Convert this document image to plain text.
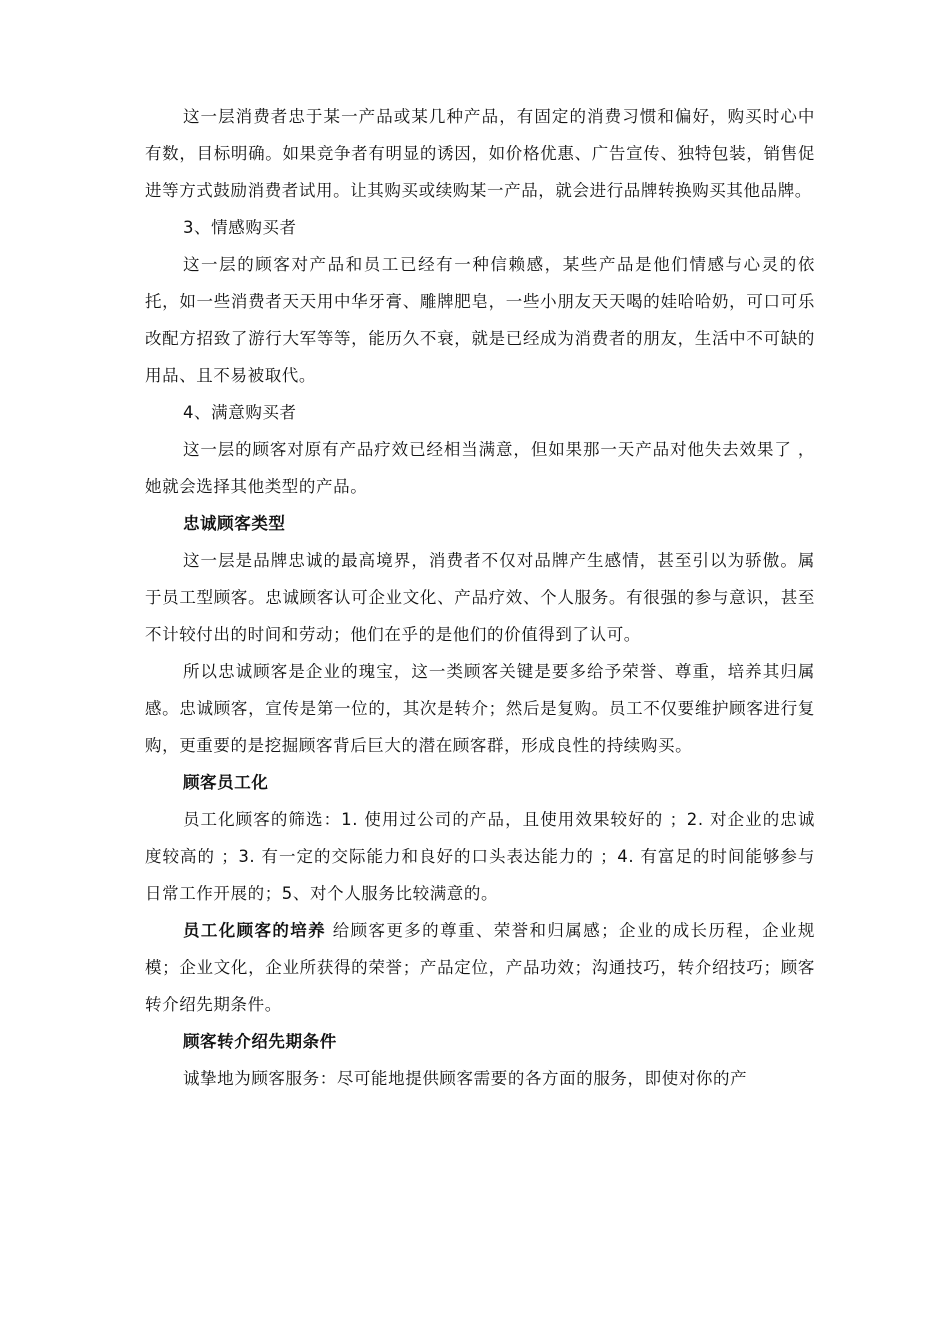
这一层消费者忠于某一产品或某几种产品，有固定的消费习惯和偏好，购买时心中有数，目标明确。如果竞争者有明显的诱因，如价格优惠、广告宣传、独特包装，销售促进等方式鼓励消费者试用。让其购买或续购某一产品，就会进行品牌转换购买其他品牌。

3、情感购买者

这一层的顾客对产品和员工已经有一种信赖感，某些产品是他们情感与心灵的依托，如一些消费者天天用中华牙膏、雕牌肥皂，一些小朋友天天喝的娃哈哈奶，可口可乐改配方招致了游行大军等等，能历久不衰，就是已经成为消费者的朋友，生活中不可缺的用品、且不易被取代。

4、满意购买者

这一层的顾客对原有产品疗效已经相当满意，但如果那一天产品对他失去效果了 ，她就会选择其他类型的产品。

忠诚顾客类型

这一层是品牌忠诚的最高境界，消费者不仅对品牌产生感情，甚至引以为骄傲。属于员工型顾客。忠诚顾客认可企业文化、产品疗效、个人服务。有很强的参与意识，甚至不计较付出的时间和劳动；他们在乎的是他们的价值得到了认可。

所以忠诚顾客是企业的瑰宝，这一类顾客关键是要多给予荣誉、尊重，培养其归属感。忠诚顾客，宣传是第一位的，其次是转介；然后是复购。员工不仅要维护顾客进行复购，更重要的是挖掘顾客背后巨大的潜在顾客群，形成良性的持续购买。

顾客员工化

员工化顾客的筛选：1. 使用过公司的产品，且使用效果较好的 ；2. 对企业的忠诚度较高的 ；3. 有一定的交际能力和良好的口头表达能力的 ；4. 有富足的时间能够参与日常工作开展的；5、对个人服务比较满意的。

员工化顾客的培养 给顾客更多的尊重、荣誉和归属感；企业的成长历程，企业规模；企业文化，企业所获得的荣誉；产品定位，产品功效；沟通技巧，转介绍技巧；顾客转介绍先期条件。

顾客转介绍先期条件

诚挚地为顾客服务：尽可能地提供顾客需要的各方面的服务，即使对你的产
